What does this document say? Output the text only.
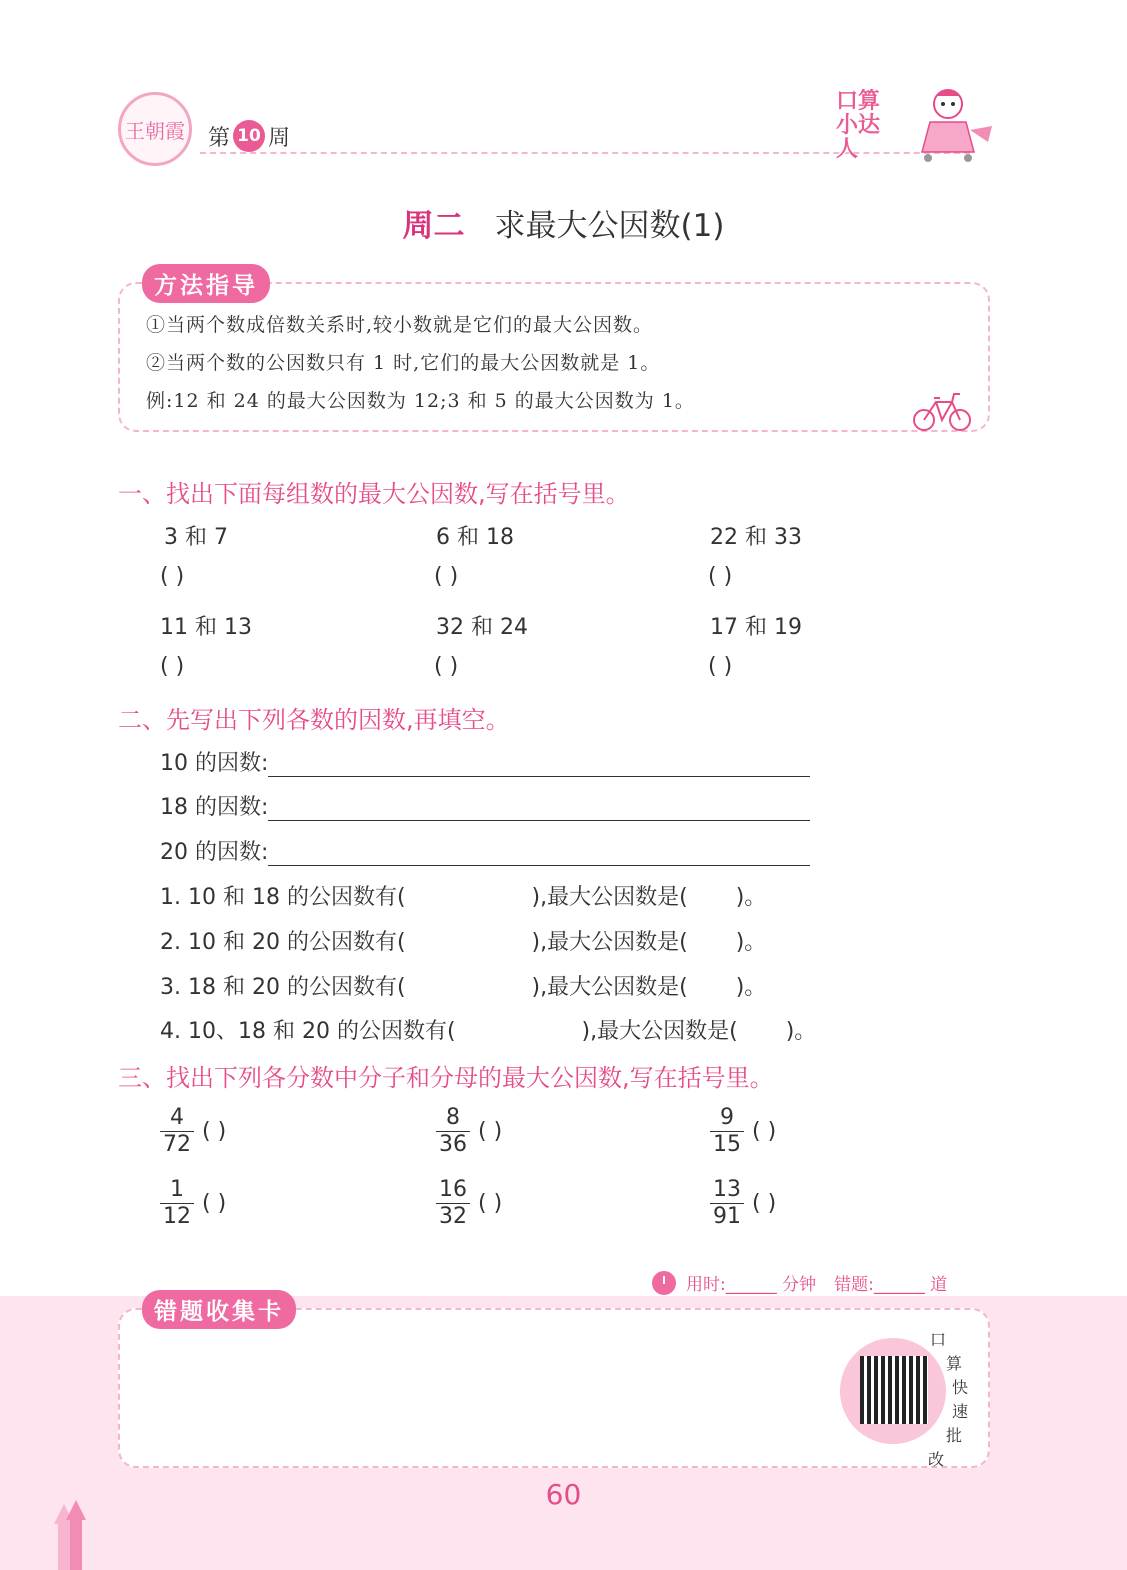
王朝霞 第 10 周
口算小达人
周二 求最大公因数(1)
方法指导
①当两个数成倍数关系时,较小数就是它们的最大公因数。
②当两个数的公因数只有 1 时,它们的最大公因数就是 1。
例:12 和 24 的最大公因数为 12;3 和 5 的最大公因数为 1。
一、找出下面每组数的最大公因数,写在括号里。
3 和 7	6 和 18	22 和 33
( )	( )	( )
11 和 13	32 和 24	17 和 19
( )	( )	( )
二、先写出下列各数的因数,再填空。
10 的因数:
18 的因数:
20 的因数:
1. 10 和 18 的公因数有(	),最大公因数是( )。
2. 10 和 20 的公因数有(	),最大公因数是( )。
3. 18 和 20 的公因数有(	),最大公因数是( )。
4. 10、18 和 20 的公因数有(	),最大公因数是( )。
三、找出下列各分数中分子和分母的最大公因数,写在括号里。
$\frac{4}{72}$ ( )	$\frac{8}{36}$ ( )	$\frac{9}{15}$ ( )
$\frac{1}{12}$ ( )	$\frac{16}{32}$ ( )	$\frac{13}{91}$ ( )
用时:______ 分钟 错题:______ 道
错题收集卡
口
算
快
速
批
改
60
